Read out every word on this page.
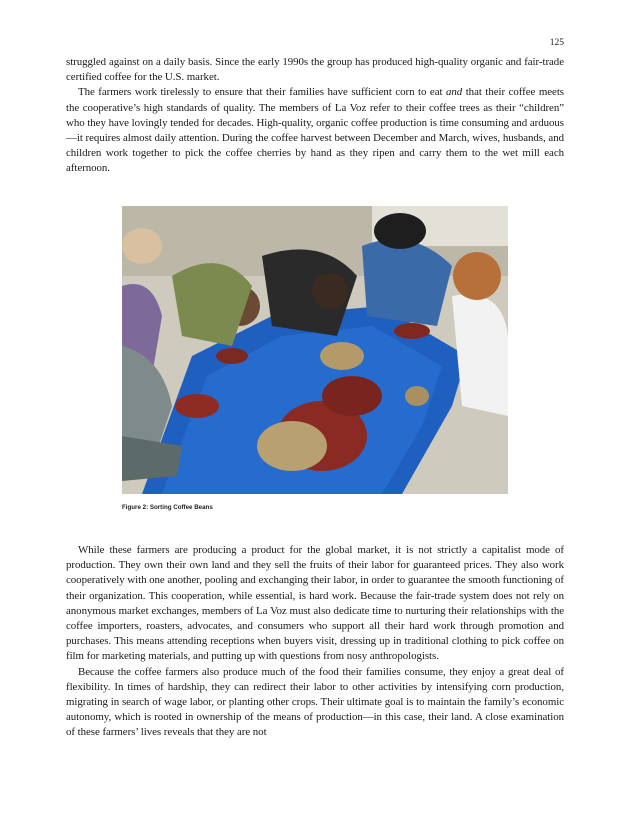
125

struggled against on a daily basis. Since the early 1990s the group has produced high-quality organic and fair-trade certified coffee for the U.S. market.

The farmers work tirelessly to ensure that their families have sufficient corn to eat and that their coffee meets the cooperative’s high standards of quality. The members of La Voz refer to their coffee trees as their “children” who they have lovingly tended for decades. High-quality, organic coffee production is time consuming and arduous—it requires almost daily attention. During the coffee harvest between December and March, wives, husbands, and children work together to pick the coffee cherries by hand as they ripen and carry them to the wet mill each afternoon.

Figure 2: Sorting Coffee Beans

While these farmers are producing a product for the global market, it is not strictly a capitalist mode of production. They own their own land and they sell the fruits of their labor for guaranteed prices. They also work cooperatively with one another, pooling and exchanging their labor, in order to guarantee the smooth functioning of their organization. This cooperation, while essential, is hard work. Because the fair-trade system does not rely on anonymous market exchanges, members of La Voz must also dedicate time to nurturing their relationships with the coffee importers, roasters, advocates, and consumers who support all their hard work through promotion and purchases. This means attending receptions when buyers visit, dressing up in traditional clothing to pick coffee on film for marketing materials, and putting up with questions from nosy anthropologists.

Because the coffee farmers also produce much of the food their families consume, they enjoy a great deal of flexibility. In times of hardship, they can redirect their labor to other activities by intensifying corn production, migrating in search of wage labor, or planting other crops. Their ultimate goal is to maintain the family’s economic autonomy, which is rooted in ownership of the means of production—in this case, their land. A close examination of these farmers’ lives reveals that they are not
